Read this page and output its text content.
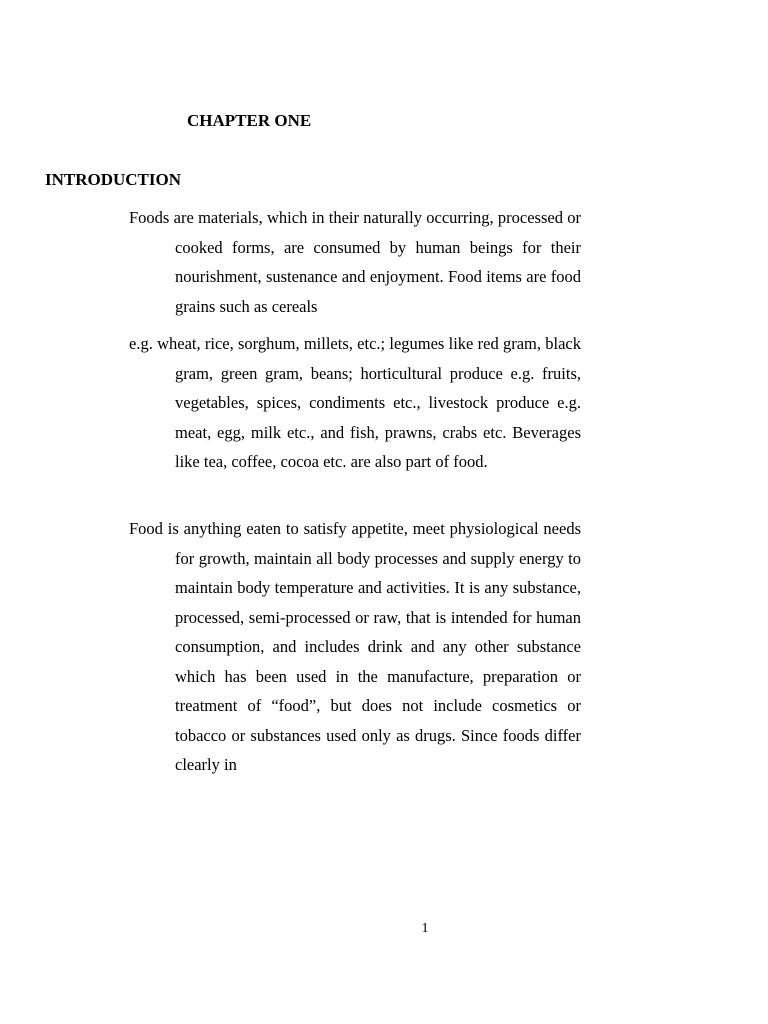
CHAPTER ONE
INTRODUCTION

Foods are materials, which in their naturally occurring, processed or cooked forms, are consumed by human beings for their nourishment, sustenance and enjoyment. Food items are food grains such as cereals

e.g. wheat, rice, sorghum, millets, etc.; legumes like red gram, black gram, green gram, beans; horticultural produce e.g. fruits, vegetables, spices, condiments etc., livestock produce e.g. meat, egg, milk etc., and fish, prawns, crabs etc. Beverages like tea, coffee, cocoa etc. are also part of food.

Food is anything eaten to satisfy appetite, meet physiological needs for growth, maintain all body processes and supply energy to maintain body temperature and activities. It is any substance, processed, semi-processed or raw, that is intended for human consumption, and includes drink and any other substance which has been used in the manufacture, preparation or treatment of “food”, but does not include cosmetics or tobacco or substances used only as drugs. Since foods differ clearly in

1
